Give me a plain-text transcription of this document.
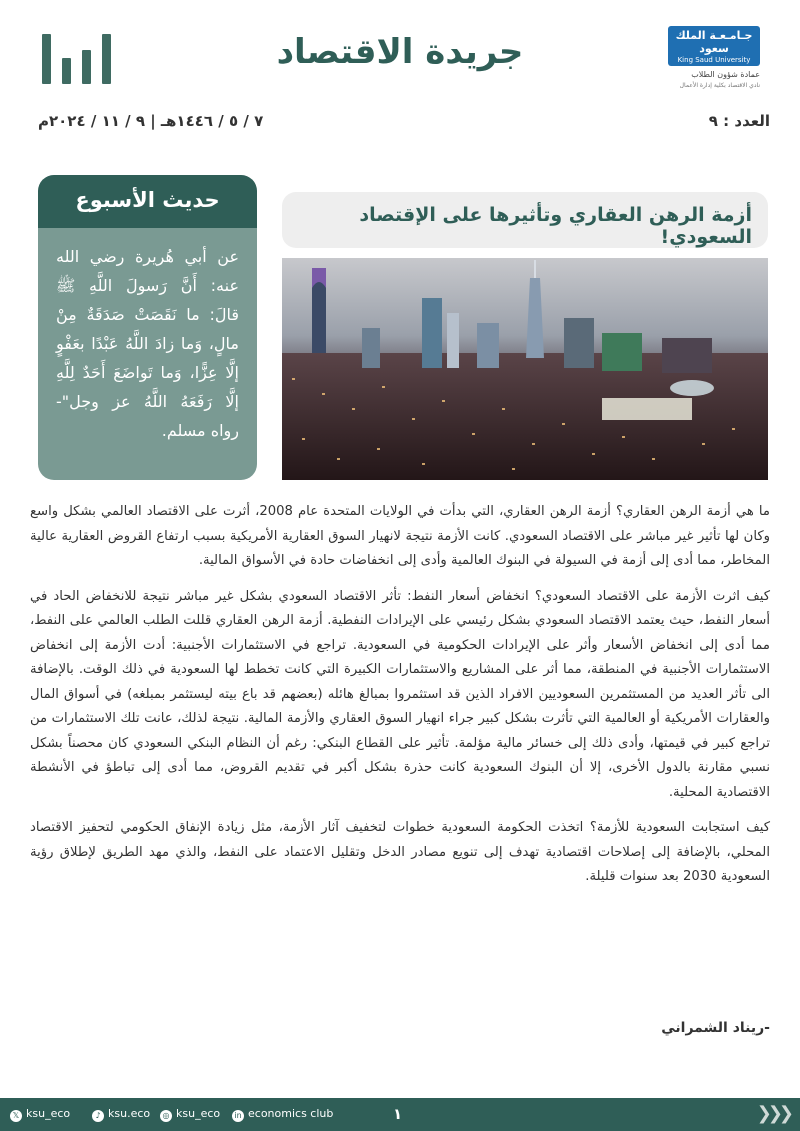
جريدة الاقتصاد	جـامـعـة الملك سعود
King Saud University
عمادة شؤون الطلاب
نادي الاقتصاد بكلية إدارة الأعمال
٧ / ٥ / ١٤٤٦هـ | ٩ / ١١ / ٢٠٢٤م	العدد : ٩
حديث الأسبوع
عن أبي هُريرة رضي الله عنه: أَنَّ رَسولَ اللَّهِ ﷺ قالَ: ما نَقَصَتْ صَدَقَةٌ مِنْ مالٍ، وَما زادَ اللَّهُ عَبْدًا بعَفْوٍ إلَّا عِزًّا، وَما تَواضَعَ أَحَدٌ لِلَّهِ إلَّا رَفَعَهُ اللَّهُ عز وجل"- رواه مسلم.
أزمة الرهن العقاري وتأثيرها على الإقتصاد السعودي!

ما هي أزمة الرهن العقاري؟ أزمة الرهن العقاري، التي بدأت في الولايات المتحدة عام 2008، أثرت على الاقتصاد العالمي بشكل واسع وكان لها تأثير غير مباشر على الاقتصاد السعودي. كانت الأزمة نتيجة لانهيار السوق العقارية الأمريكية بسبب ارتفاع القروض العقارية عالية المخاطر، مما أدى إلى أزمة في السيولة في البنوك العالمية وأدى إلى انخفاضات حادة في الأسواق المالية.

كيف اثرت الأزمة على الاقتصاد السعودي؟ انخفاض أسعار النفط: تأثر الاقتصاد السعودي بشكل غير مباشر نتيجة للانخفاض الحاد في أسعار النفط، حيث يعتمد الاقتصاد السعودي بشكل رئيسي على الإيرادات النفطية. أزمة الرهن العقاري قللت الطلب العالمي على النفط، مما أدى إلى انخفاض الأسعار وأثر على الإيرادات الحكومية في السعودية. تراجع في الاستثمارات الأجنبية: أدت الأزمة إلى انخفاض الاستثمارات الأجنبية في المنطقة، مما أثر على المشاريع والاستثمارات الكبيرة التي كانت تخطط لها السعودية في ذلك الوقت. بالإضافة الى تأثر العديد من المستثمرين السعوديين الافراد الذين قد استثمروا بمبالغ هائله (بعضهم قد باع بيته ليستثمر بمبلغه) في أسواق المال والعقارات الأمريكية أو العالمية التي تأثرت بشكل كبير جراء انهيار السوق العقاري والأزمة المالية. نتيجة لذلك، عانت تلك الاستثمارات من تراجع كبير في قيمتها، وأدى ذلك إلى خسائر مالية مؤلمة. تأثير على القطاع البنكي: رغم أن النظام البنكي السعودي كان محصناً بشكل نسبي مقارنة بالدول الأخرى، إلا أن البنوك السعودية كانت حذرة بشكل أكبر في تقديم القروض، مما أدى إلى تباطؤ في الأنشطة الاقتصادية المحلية.

كيف استجابت السعودية للأزمة؟ اتخذت الحكومة السعودية خطوات لتخفيف آثار الأزمة، مثل زيادة الإنفاق الحكومي لتحفيز الاقتصاد المحلي، بالإضافة إلى إصلاحات اقتصادية تهدف إلى تنويع مصادر الدخل وتقليل الاعتماد على النفط، والذي مهد الطريق لإطلاق رؤية السعودية 2030 بعد سنوات قليلة.

-ريناد الشمراني
𝕏 ksu_eco	♪ ksu.eco	◎ ksu_eco in economics club	١	❯❯❯
